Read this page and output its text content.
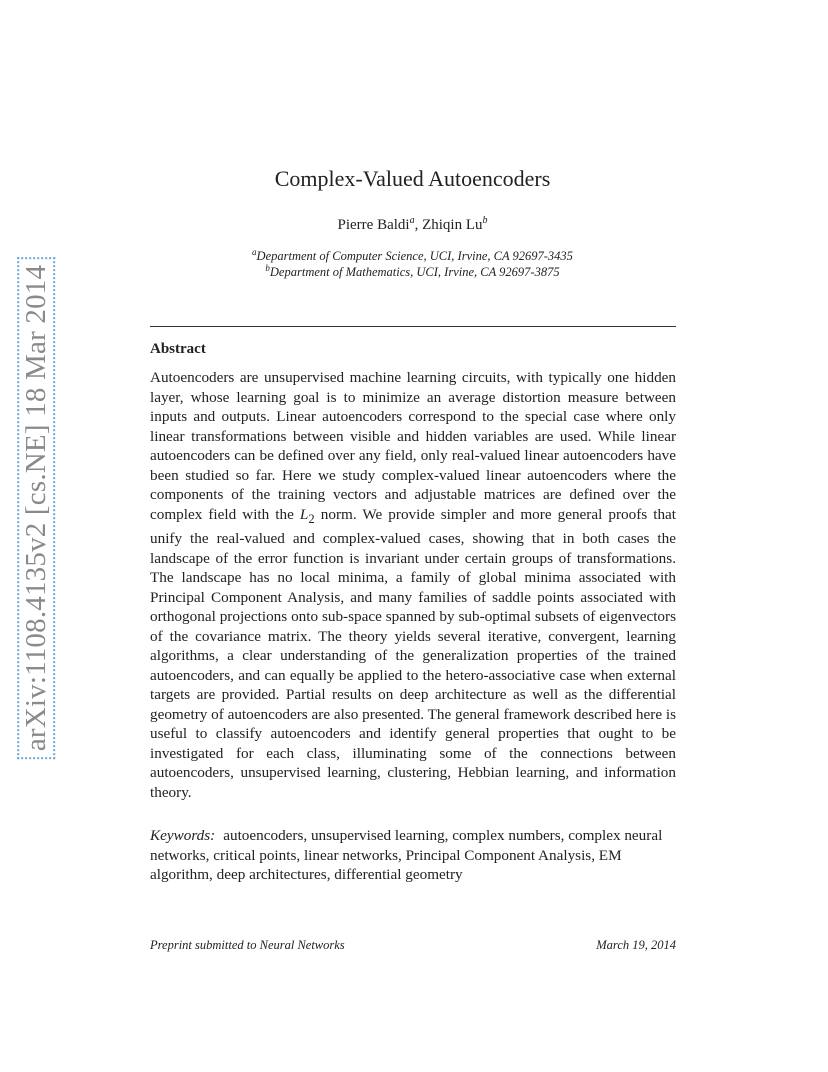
arXiv:1108.4135v2 [cs.NE] 18 Mar 2014
Complex-Valued Autoencoders
Pierre Baldi$^a$, Zhiqin Lu$^b$
$^a$Department of Computer Science, UCI, Irvine, CA 92697-3435
$^b$Department of Mathematics, UCI, Irvine, CA 92697-3875
Abstract

Autoencoders are unsupervised machine learning circuits, with typically one hidden layer, whose learning goal is to minimize an average distortion measure between inputs and outputs. Linear autoencoders correspond to the special case where only linear transformations between visible and hidden variables are used. While linear autoencoders can be defined over any field, only real-valued linear autoencoders have been studied so far. Here we study complex-valued linear autoencoders where the components of the training vectors and adjustable matrices are defined over the complex field with the $L_2$ norm. We provide simpler and more general proofs that unify the real-valued and complex-valued cases, showing that in both cases the landscape of the error function is invariant under certain groups of transformations. The landscape has no local minima, a family of global minima associated with Principal Component Analysis, and many families of saddle points associated with orthogonal projections onto sub-space spanned by sub-optimal subsets of eigenvectors of the covariance matrix. The theory yields several iterative, convergent, learning algorithms, a clear understanding of the generalization properties of the trained autoencoders, and can equally be applied to the hetero-associative case when external targets are provided. Partial results on deep architecture as well as the differential geometry of autoencoders are also presented. The general framework described here is useful to classify autoencoders and identify general properties that ought to be investigated for each class, illuminating some of the connections between autoencoders, unsupervised learning, clustering, Hebbian learning, and information theory.

Keywords: autoencoders, unsupervised learning, complex numbers, complex neural networks, critical points, linear networks, Principal Component Analysis, EM algorithm, deep architectures, differential geometry
Preprint submitted to Neural Networks	March 19, 2014
